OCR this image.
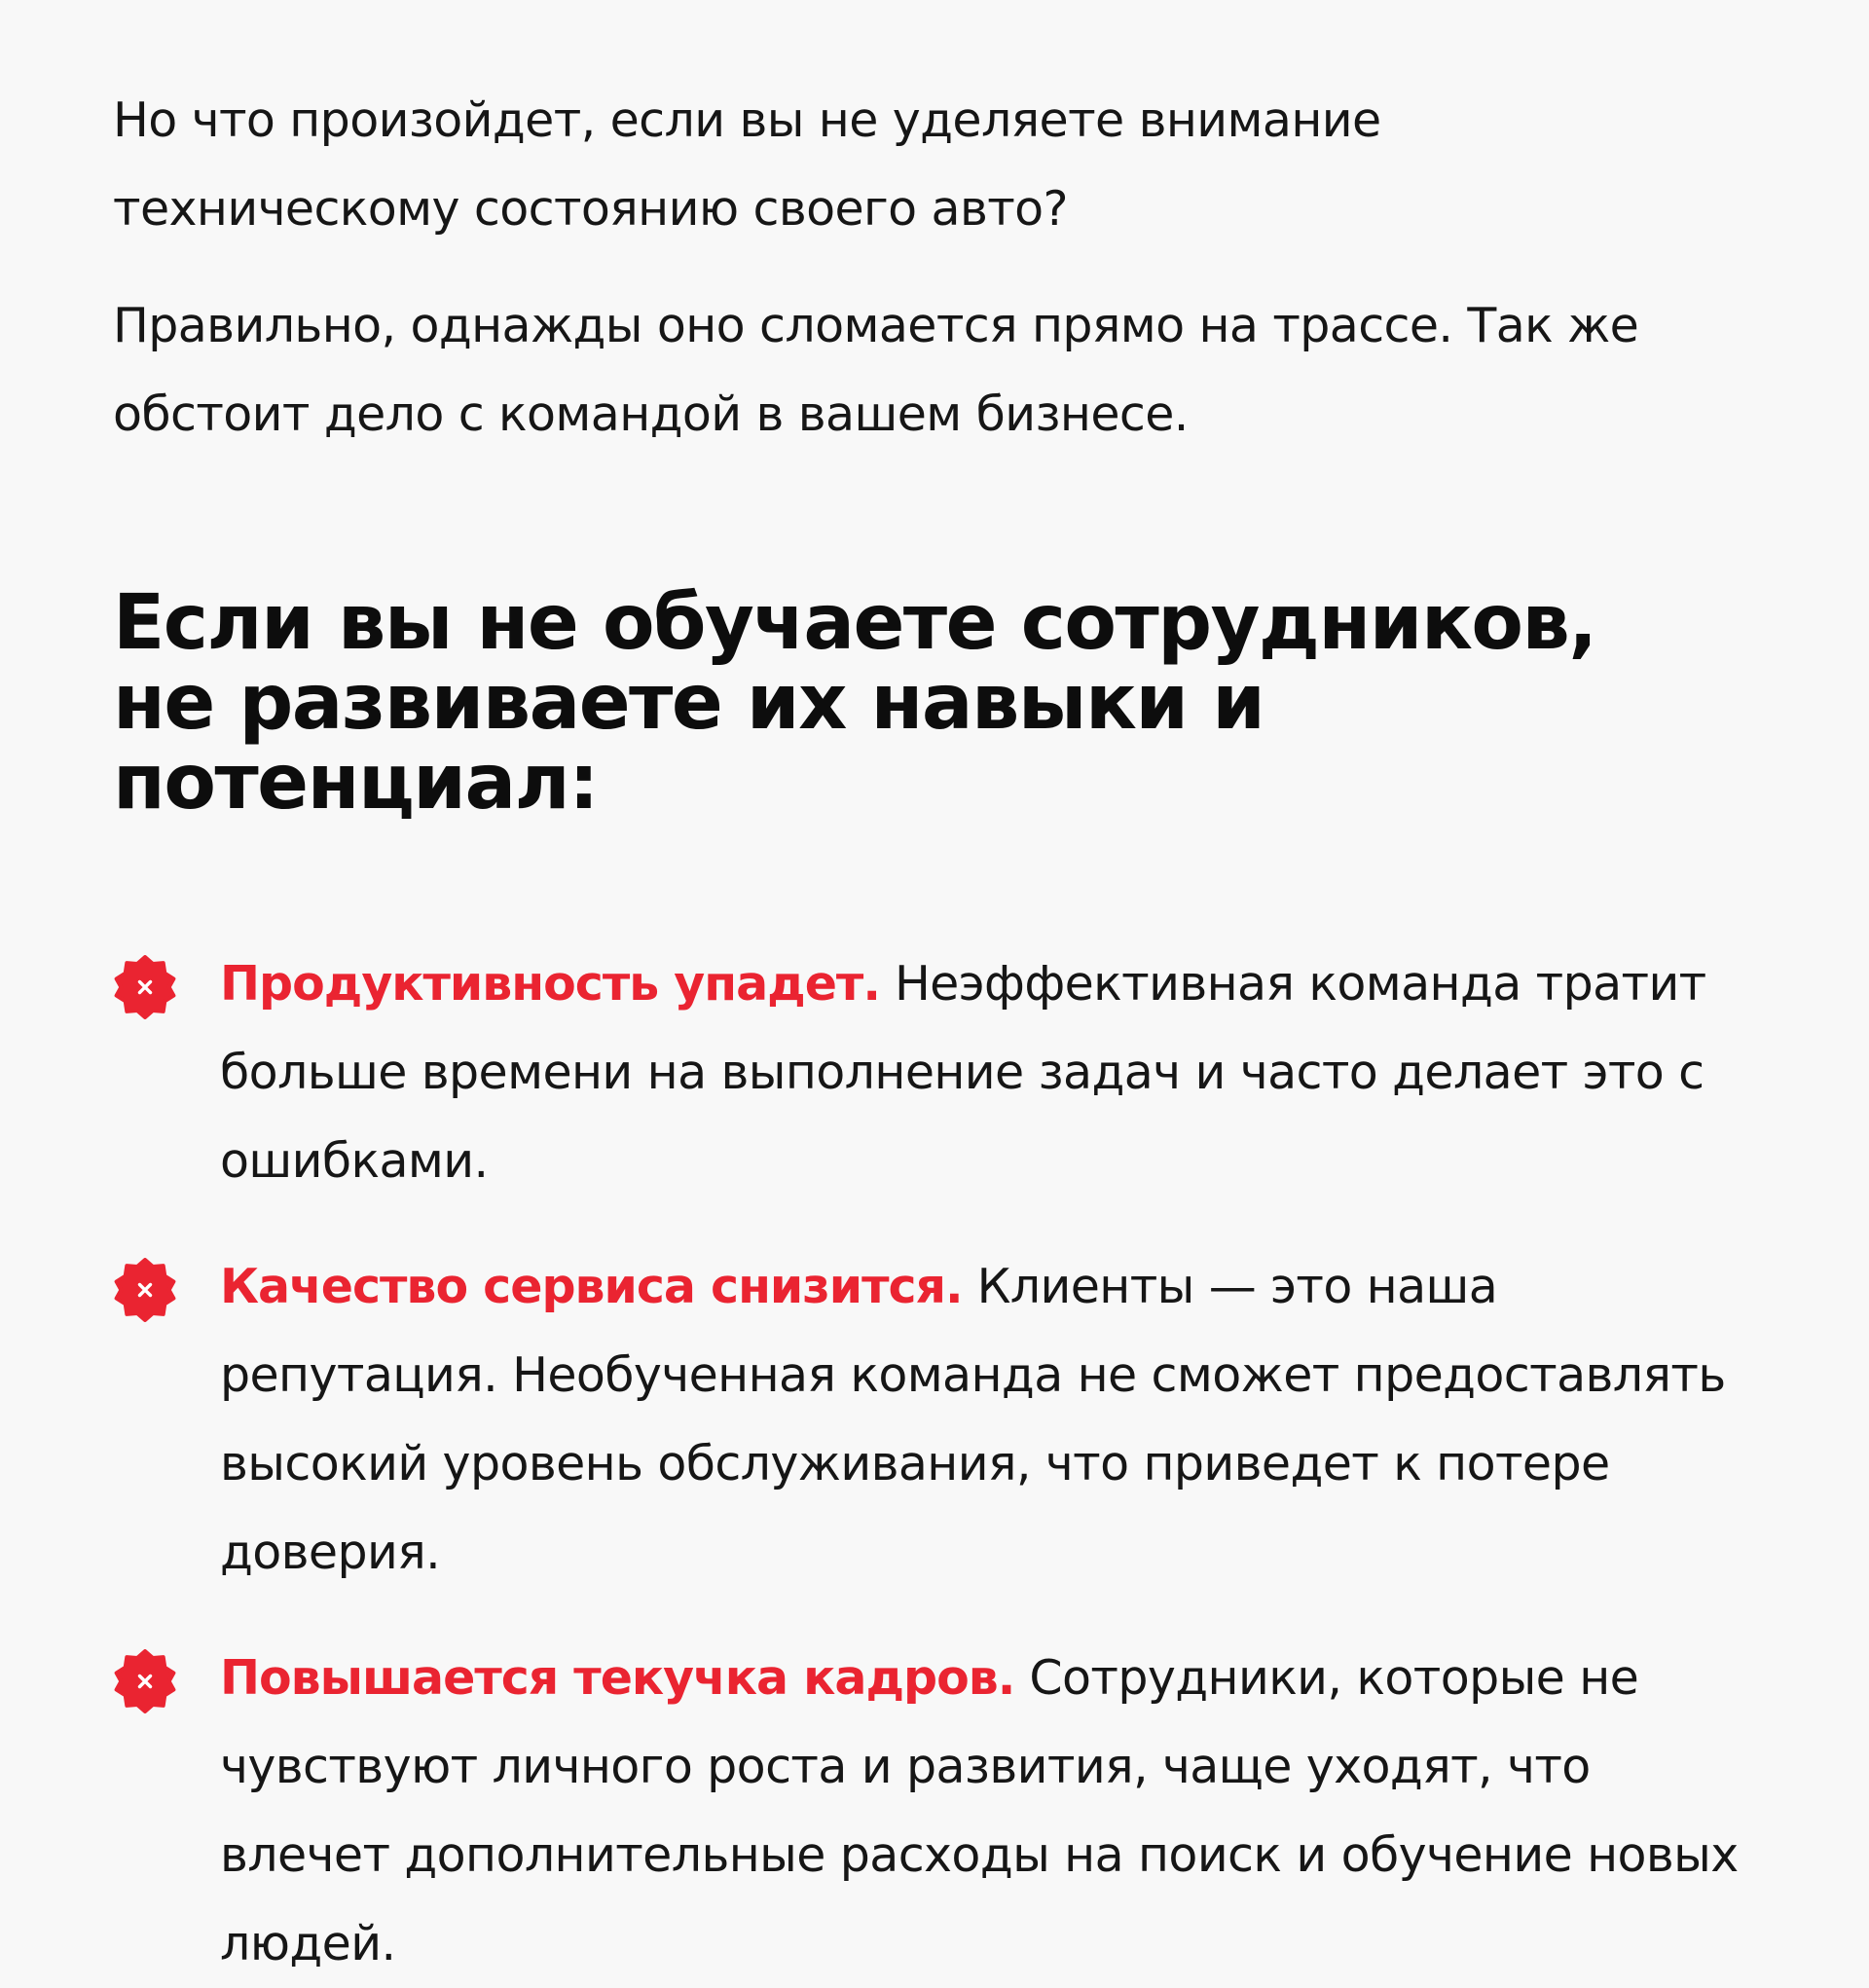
Но что произойдет, если вы не уделяете внимание
техническому состоянию своего авто?

Правильно, однажды оно сломается прямо на трассе. Так же
обстоит дело с командой в вашем бизнесе.

Если вы не обучаете сотрудников,
не развиваете их навыки и потенциал:
Продуктивность упадет. Неэффективная команда тратит больше времени на выполнение задач и часто делает это с ошибками.
Качество сервиса снизится. Клиенты — это наша репутация. Необученная команда не сможет предоставлять высокий уровень обслуживания, что приведет к потере доверия.
Повышается текучка кадров. Сотрудники, которые не чувствуют личного роста и развития, чаще уходят, что влечет дополнительные расходы на поиск и обучение новых людей.
